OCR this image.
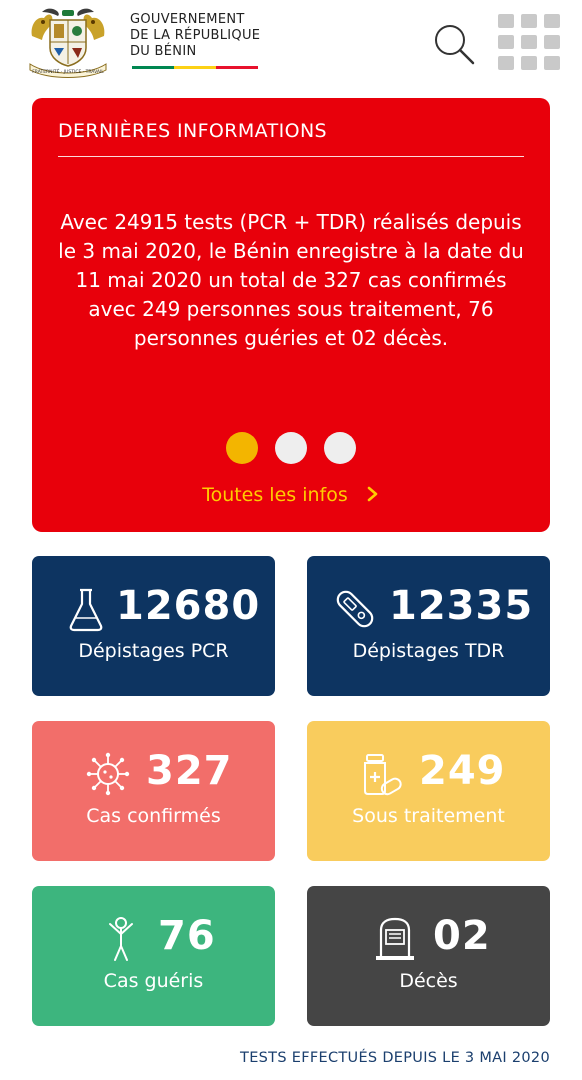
FRATERNITÉ · JUSTICE · TRAVAIL
GOUVERNEMENT
DE LA RÉPUBLIQUE
DU BÉNIN
DERNIÈRES INFORMATIONS
Avec 24915 tests (PCR + TDR) réalisés depuis le 3 mai 2020, le Bénin enregistre à la date du 11 mai 2020 un total de 327 cas confirmés avec 249 personnes sous traitement, 76 personnes guéries et 02 décès.
Toutes les infos
12680
Dépistages PCR
12335
Dépistages TDR
327
Cas confirmés
249
Sous traitement
76
Cas guéris
02
Décès
TESTS EFFECTUÉS DEPUIS LE 3 MAI 2020
